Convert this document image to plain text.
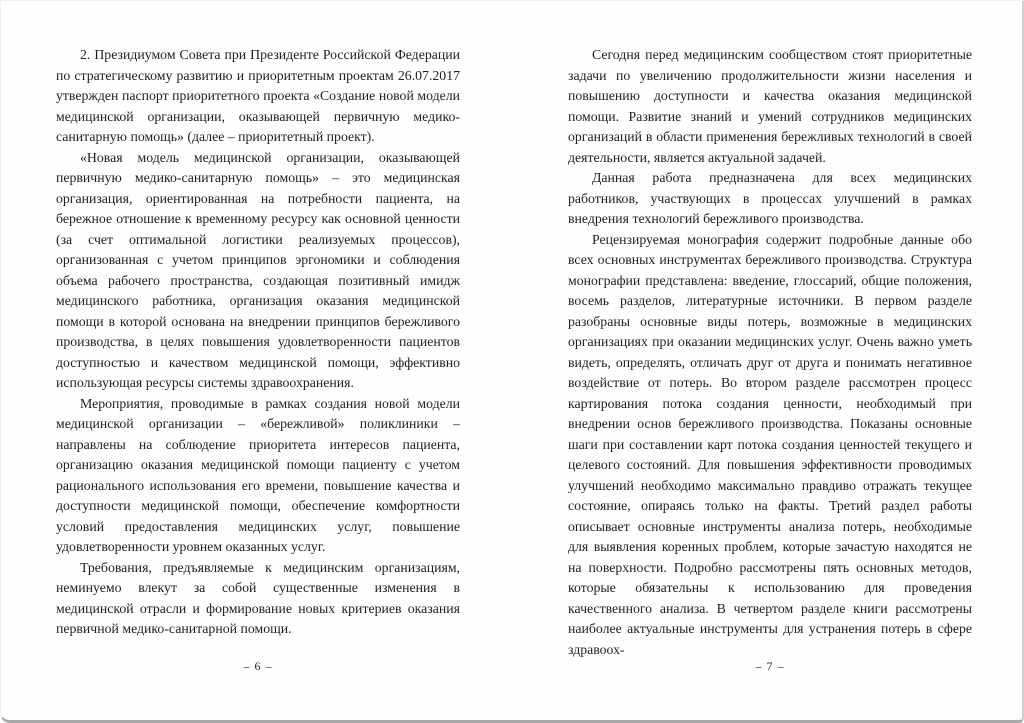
2. Президиумом Совета при Президенте Российской Федерации по стратегическому развитию и приоритетным проектам 26.07.2017 утвержден паспорт приоритетного проекта «Создание новой модели медицинской организации, оказывающей первичную медико-санитарную помощь» (далее – приоритетный проект).

«Новая модель медицинской организации, оказывающей первичную медико-санитарную помощь» – это медицинская организация, ориентированная на потребности пациента, на бережное отношение к временному ресурсу как основной ценности (за счет оптимальной логистики реализуемых процессов), организованная с учетом принципов эргономики и соблюдения объема рабочего пространства, создающая позитивный имидж медицинского работника, организация оказания медицинской помощи в которой основана на внедрении принципов бережливого производства, в целях повышения удовлетворенности пациентов доступностью и качеством медицинской помощи, эффективно использующая ресурсы системы здравоохранения.

Мероприятия, проводимые в рамках создания новой модели медицинской организации – «бережливой» поликлиники – направлены на соблюдение приоритета интересов пациента, организацию оказания медицинской помощи пациенту с учетом рационального использования его времени, повышение качества и доступности медицинской помощи, обеспечение комфортности условий предоставления медицинских услуг, повышение удовлетворенности уровнем оказанных услуг.

Требования, предъявляемые к медицинским организациям, неминуемо влекут за собой существенные изменения в медицинской отрасли и формирование новых критериев оказания первичной медико-санитарной помощи.

– 6 –

Сегодня перед медицинским сообществом стоят приоритетные задачи по увеличению продолжительности жизни населения и повышению доступности и качества оказания медицинской помощи. Развитие знаний и умений сотрудников медицинских организаций в области применения бережливых технологий в своей деятельности, является актуальной задачей.

Данная работа предназначена для всех медицинских работников, участвующих в процессах улучшений в рамках внедрения технологий бережливого производства.

Рецензируемая монография содержит подробные данные обо всех основных инструментах бережливого производства. Структура монографии представлена: введение, глоссарий, общие положения, восемь разделов, литературные источники. В первом разделе разобраны основные виды потерь, возможные в медицинских организациях при оказании медицинских услуг. Очень важно уметь видеть, определять, отличать друг от друга и понимать негативное воздействие от потерь. Во втором разделе рассмотрен процесс картирования потока создания ценности, необходимый при внедрении основ бережливого производства. Показаны основные шаги при составлении карт потока создания ценностей текущего и целевого состояний. Для повышения эффективности проводимых улучшений необходимо максимально правдиво отражать текущее состояние, опираясь только на факты. Третий раздел работы описывает основные инструменты анализа потерь, необходимые для выявления коренных проблем, которые зачастую находятся не на поверхности. Подробно рассмотрены пять основных методов, которые обязательны к использованию для проведения качественного анализа. В четвертом разделе книги рассмотрены наиболее актуальные инструменты для устранения потерь в сфере здравоох-

– 7 –
